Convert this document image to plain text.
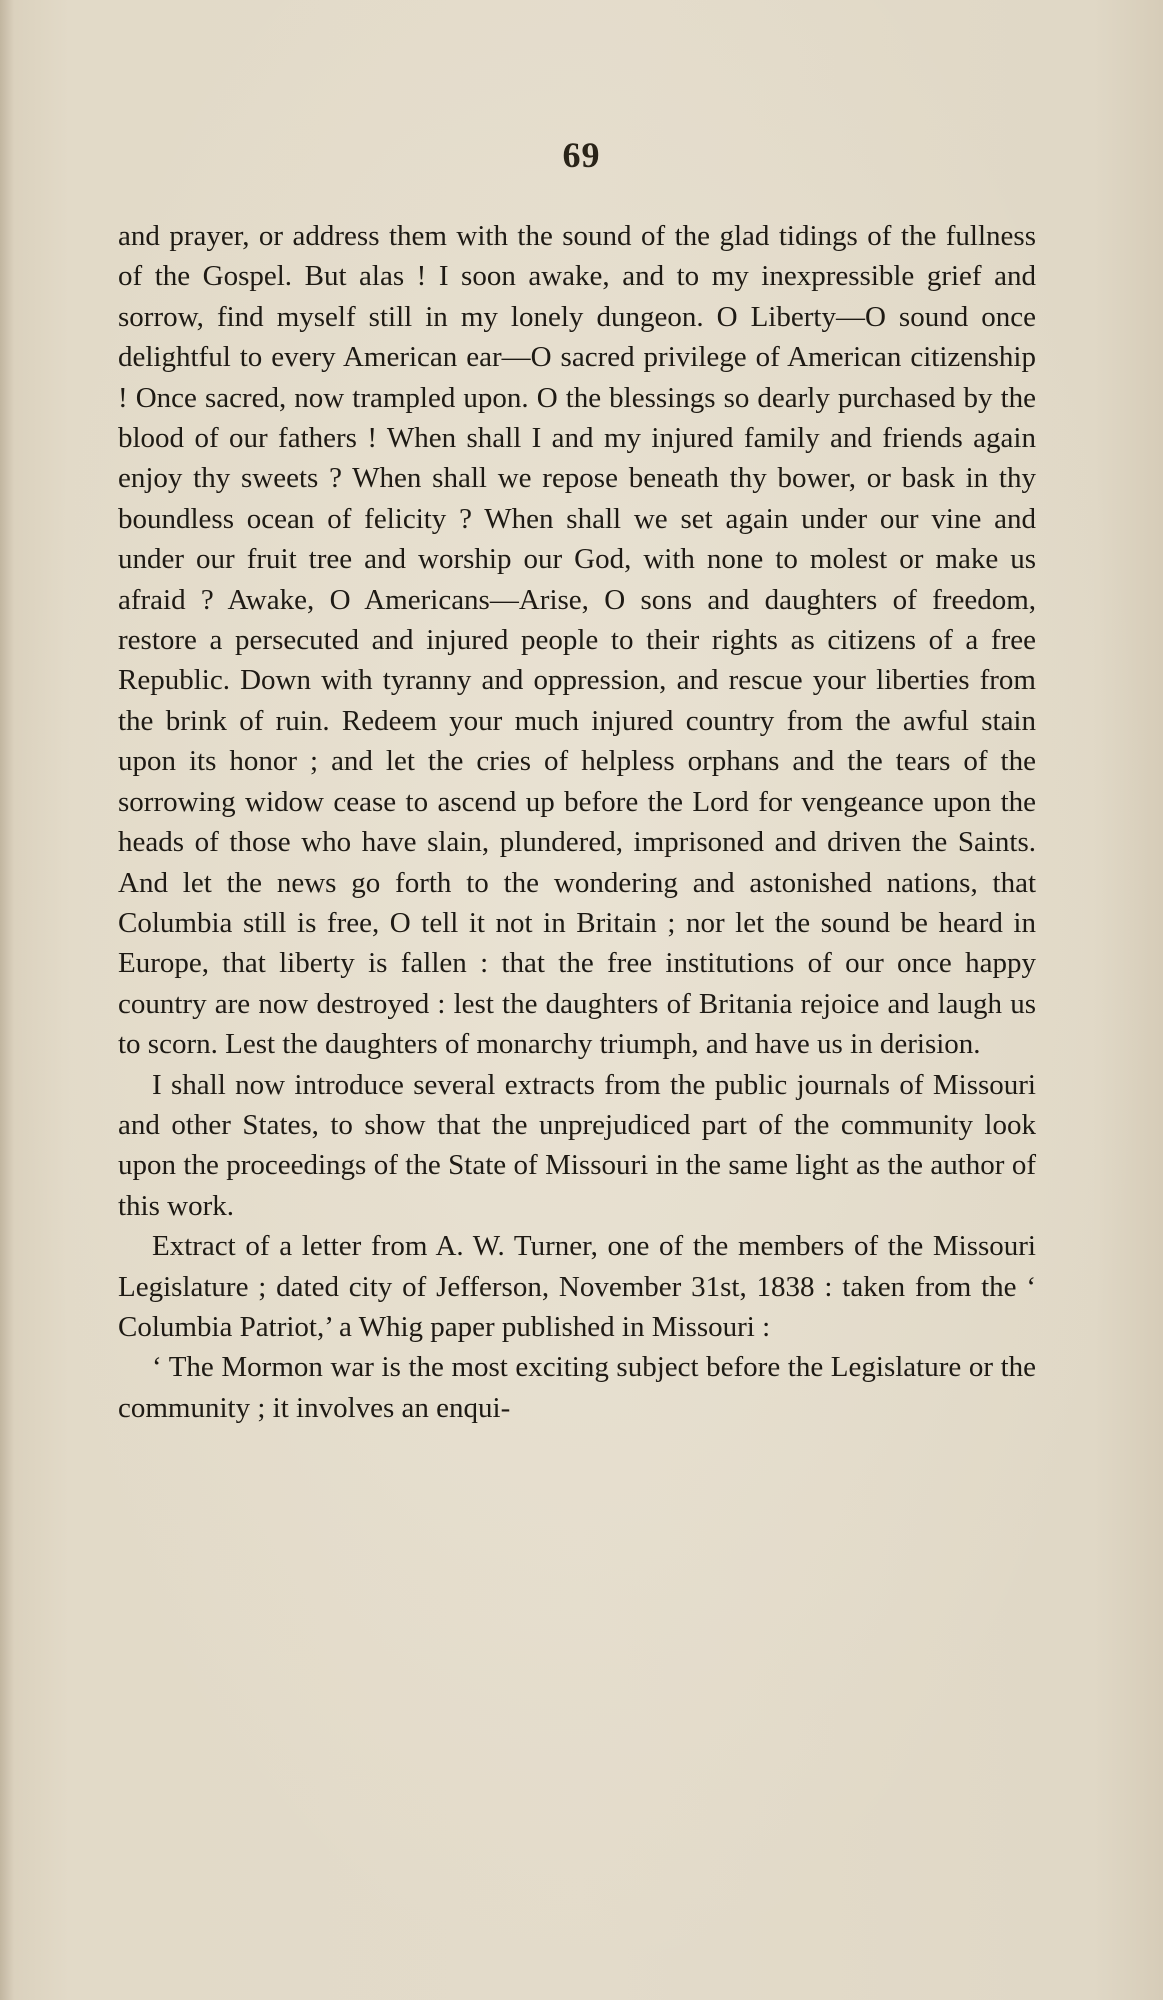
69

and prayer, or address them with the sound of the glad tidings of the fullness of the Gospel. But alas ! I soon awake, and to my inexpressible grief and sorrow, find myself still in my lonely dungeon. O Liberty—O sound once delightful to every American ear—O sacred privilege of American citizenship ! Once sacred, now trampled upon. O the blessings so dearly purchased by the blood of our fathers ! When shall I and my injured family and friends again enjoy thy sweets ? When shall we repose beneath thy bower, or bask in thy boundless ocean of felicity ? When shall we set again under our vine and under our fruit tree and worship our God, with none to molest or make us afraid ? Awake, O Americans—Arise, O sons and daughters of freedom, restore a persecuted and injured people to their rights as citizens of a free Republic. Down with tyranny and oppression, and rescue your liberties from the brink of ruin. Redeem your much injured country from the awful stain upon its honor ; and let the cries of helpless orphans and the tears of the sorrowing widow cease to ascend up before the Lord for vengeance upon the heads of those who have slain, plundered, imprisoned and driven the Saints. And let the news go forth to the wondering and astonished nations, that Columbia still is free, O tell it not in Britain ; nor let the sound be heard in Europe, that liberty is fallen : that the free institutions of our once happy country are now destroyed : lest the daughters of Britania rejoice and laugh us to scorn. Lest the daughters of monarchy triumph, and have us in derision.

I shall now introduce several extracts from the public journals of Missouri and other States, to show that the unprejudiced part of the community look upon the proceedings of the State of Missouri in the same light as the author of this work.

Extract of a letter from A. W. Turner, one of the members of the Missouri Legislature ; dated city of Jefferson, November 31st, 1838 : taken from the ‘ Columbia Patriot,’ a Whig paper published in Missouri :

‘ The Mormon war is the most exciting subject before the Legislature or the community ; it involves an enqui-
